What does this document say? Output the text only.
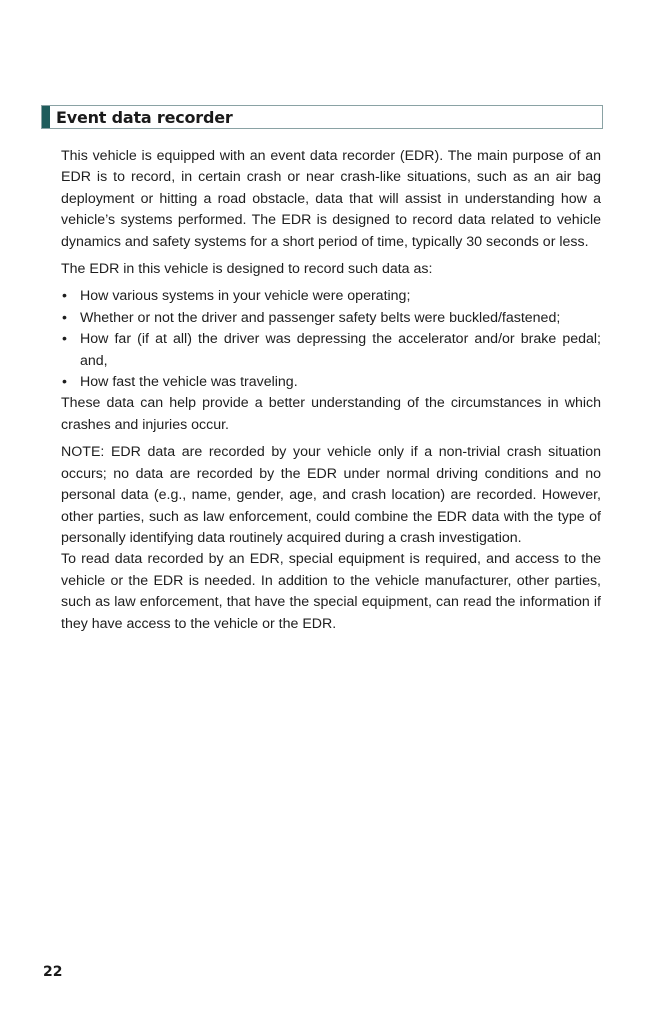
Event data recorder

This vehicle is equipped with an event data recorder (EDR). The main purpose of an EDR is to record, in certain crash or near crash-like situations, such as an air bag deployment or hitting a road obstacle, data that will assist in understanding how a vehicle’s systems performed. The EDR is designed to record data related to vehicle dynamics and safety systems for a short period of time, typically 30 seconds or less.

The EDR in this vehicle is designed to record such data as:

• How various systems in your vehicle were operating;
• Whether or not the driver and passenger safety belts were buckled/fastened;
• How far (if at all) the driver was depressing the accelerator and/or brake pedal; and,
• How fast the vehicle was traveling.

These data can help provide a better understanding of the circumstances in which crashes and injuries occur.

NOTE: EDR data are recorded by your vehicle only if a non-trivial crash situation occurs; no data are recorded by the EDR under normal driving conditions and no personal data (e.g., name, gender, age, and crash location) are recorded. However, other parties, such as law enforcement, could combine the EDR data with the type of personally identifying data routinely acquired during a crash investigation.

To read data recorded by an EDR, special equipment is required, and access to the vehicle or the EDR is needed. In addition to the vehicle manufacturer, other parties, such as law enforcement, that have the special equipment, can read the information if they have access to the vehicle or the EDR.

22
